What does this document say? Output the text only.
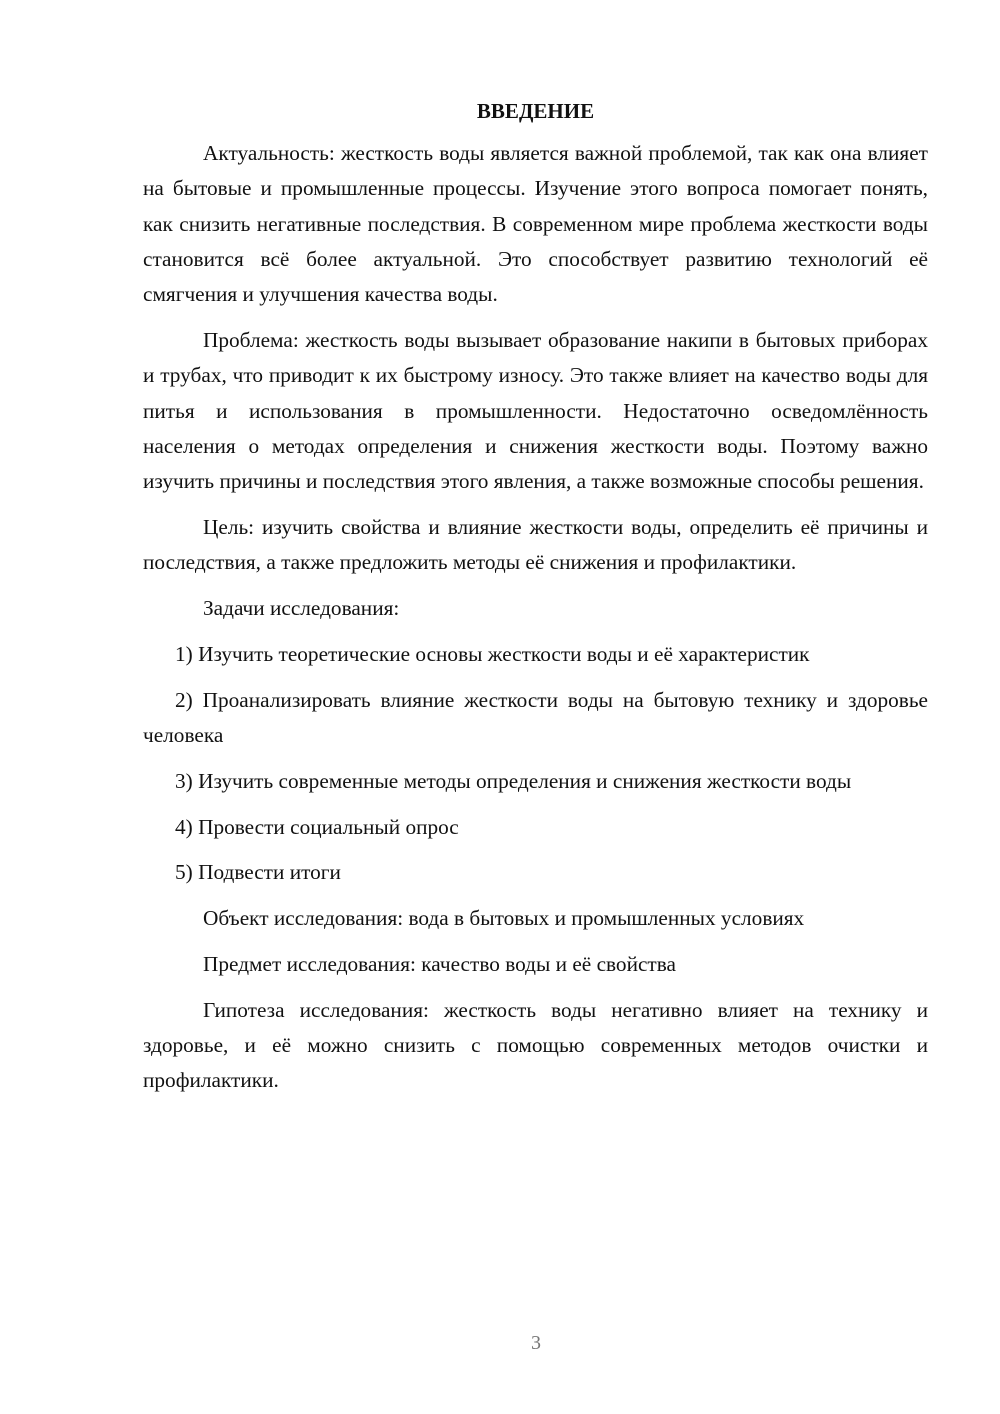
ВВЕДЕНИЕ

Актуальность: жесткость воды является важной проблемой, так как она влияет на бытовые и промышленные процессы. Изучение этого вопроса помогает понять, как снизить негативные последствия. В современном мире проблема жесткости воды становится всё более актуальной. Это способствует развитию технологий её смягчения и улучшения качества воды.

Проблема: жесткость воды вызывает образование накипи в бытовых приборах и трубах, что приводит к их быстрому износу. Это также влияет на качество воды для питья и использования в промышленности. Недостаточно осведомлённость населения о методах определения и снижения жесткости воды. Поэтому важно изучить причины и последствия этого явления, а также возможные способы решения.

Цель: изучить свойства и влияние жесткости воды, определить её причины и последствия, а также предложить методы её снижения и профилактики.

Задачи исследования:

1) Изучить теоретические основы жесткости воды и её характеристик

2) Проанализировать влияние жесткости воды на бытовую технику и здоровье человека

3) Изучить современные методы определения и снижения жесткости воды

4) Провести социальный опрос

5) Подвести итоги

Объект исследования: вода в бытовых и промышленных условиях

Предмет исследования: качество воды и её свойства

Гипотеза исследования: жесткость воды негативно влияет на технику и здоровье, и её можно снизить с помощью современных методов очистки и профилактики.

3
